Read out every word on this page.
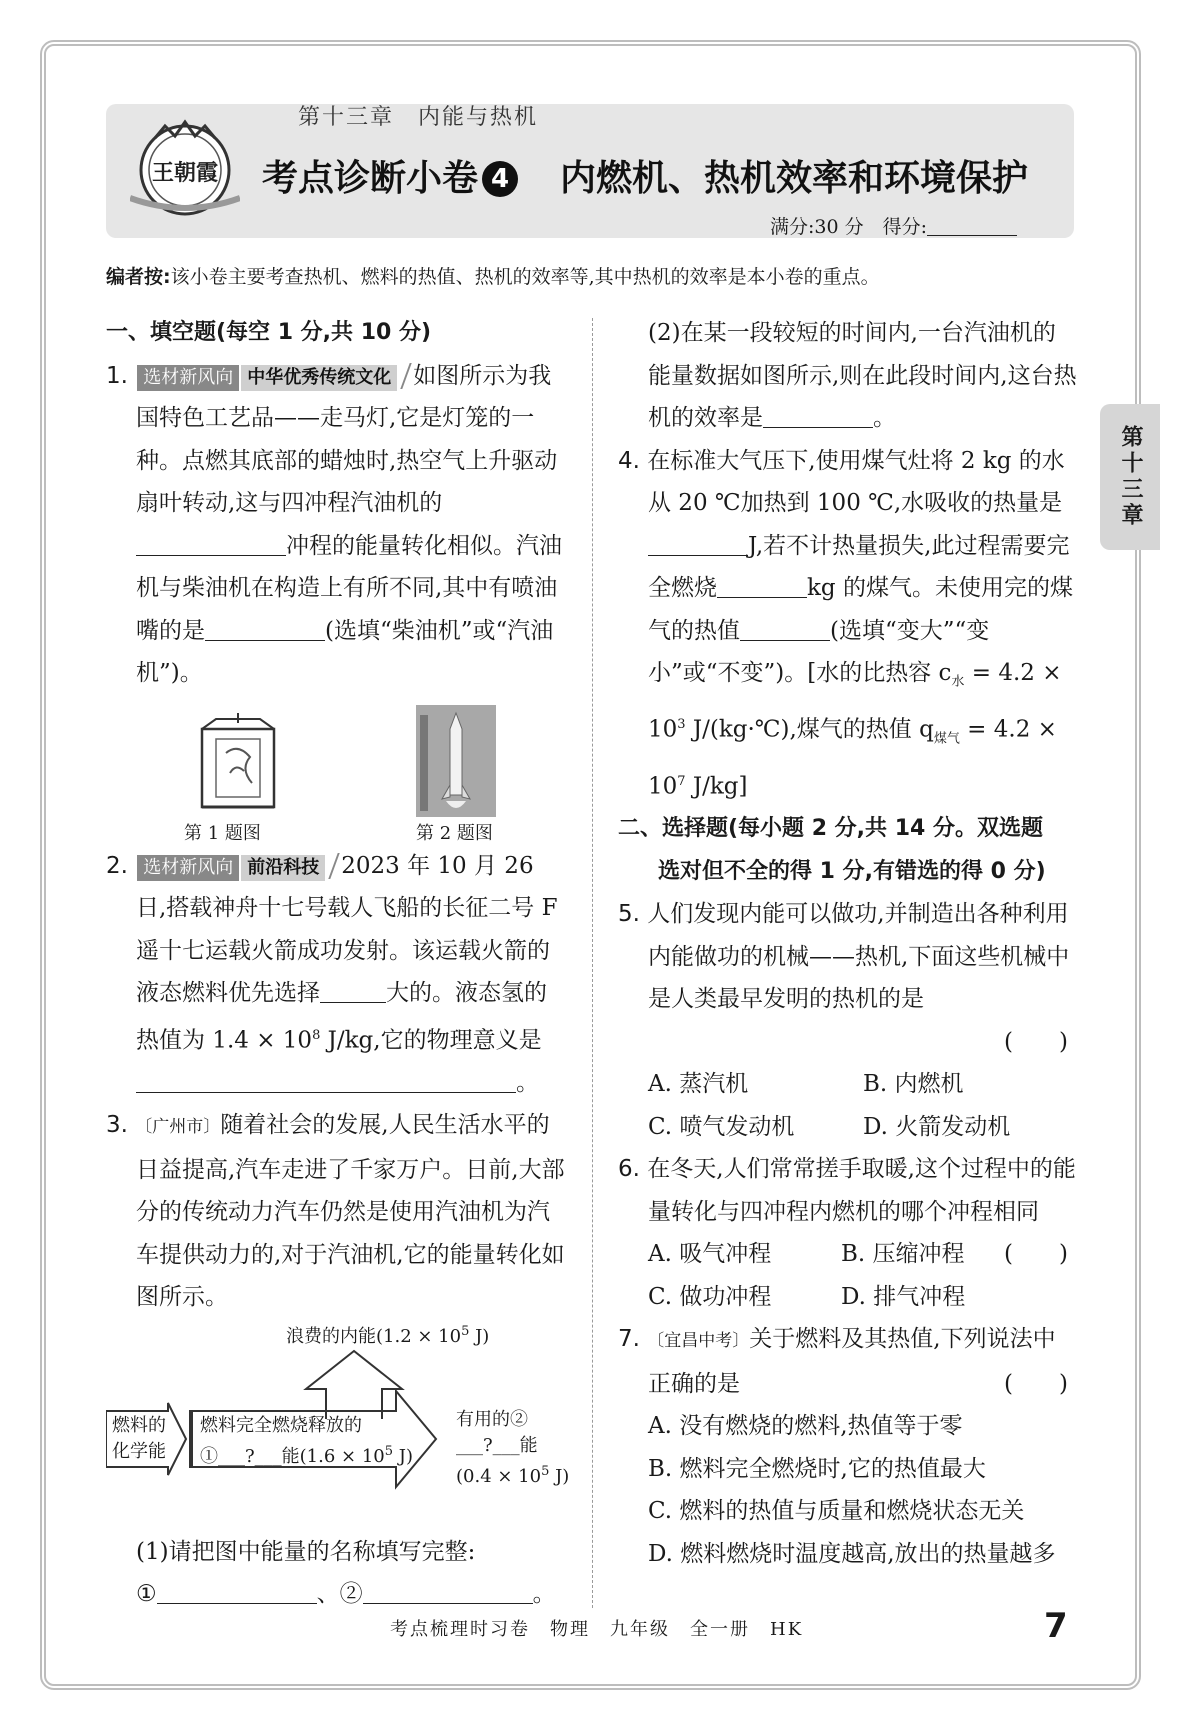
王朝霞
第十三章　内能与热机
考点诊断小卷 4 内燃机、热机效率和环境保护
满分:30 分　 得分:
编者按:该小卷主要考查热机、燃料的热值、热机的效率等,其中热机的效率是本小卷的重点。
第十三章
一、填空题(每空 1 分,共 10 分)

1. 选材新风向 中华优秀传统文化 如图所示为我国特色工艺品——走马灯,它是灯笼的一种。点燃其底部的蜡烛时,热空气上升驱动扇叶转动,这与四冲程汽油机的冲程的能量转化相似。汽油机与柴油机在构造上有所不同,其中有喷油嘴的是	(选填“柴油机”或“汽油机”)。

第 1 题图	第 2 题图

2. 选材新风向 前沿科技 2023 年 10 月 26 日,搭载神舟十七号载人飞船的长征二号 F 遥十七运载火箭成功发射。该运载火箭的液态燃料优先选择	大的。液态氢的热值为 $1.4 \times 10^8$ J/kg,它的物理意义是。

3. 〔广州市〕随着社会的发展,人民生活水平的日益提高,汽车走进了千家万户。日前,大部分的传统动力汽车仍然是使用汽油机为汽车提供动力的,对于汽油机,它的能量转化如图所示。

浪费的内能($1.2 \times 10^5$ J)
燃料的
化学能
燃料完全燃烧释放的
①___?___能($1.6 \times 10^5$ J)
有用的②
___?___能
($0.4 \times 10^5$ J)

(1)请把图中能量的名称填写完整:

①	、②	。

(2)在某一段较短的时间内,一台汽油机的能量数据如图所示,则在此段时间内,这台热机的效率是	。

4. 在标准大气压下,使用煤气灶将 2 kg 的水从 20 ℃加热到 100 ℃,水吸收的热量是J,若不计热量损失,此过程需要完全燃烧	kg 的煤气。未使用完的煤气的热值	(选填“变大”“变小”或“不变”)。[水的比热容 $c_水 = 4.2 \times 10^3$ J/(kg·℃),煤气的热值 $q_{煤气} = 4.2 \times 10^7$ J/kg]

二、选择题(每小题 2 分,共 14 分。双选题
选对但不全的得 1 分,有错选的得 0 分)

5. 人们发现内能可以做功,并制造出各种利用内能做功的机械——热机,下面这些机械中是人类最早发明的热机的是

(　　)
A. 蒸汽机	B. 内燃机
C. 喷气发动机	D. 火箭发动机

6. 在冬天,人们常常搓手取暖,这个过程中的能量转化与四冲程内燃机的哪个冲程相同
(　　)

A. 吸气冲程	B. 压缩冲程
C. 做功冲程	D. 排气冲程

7. 〔宜昌中考〕关于燃料及其热值,下列说法中正确的是	(　　)

A. 没有燃烧的燃料,热值等于零

B. 燃料完全燃烧时,它的热值最大

C. 燃料的热值与质量和燃烧状态无关

D. 燃料燃烧时温度越高,放出的热量越多

考点梳理时习卷　物理　九年级　全一册　HK	7
